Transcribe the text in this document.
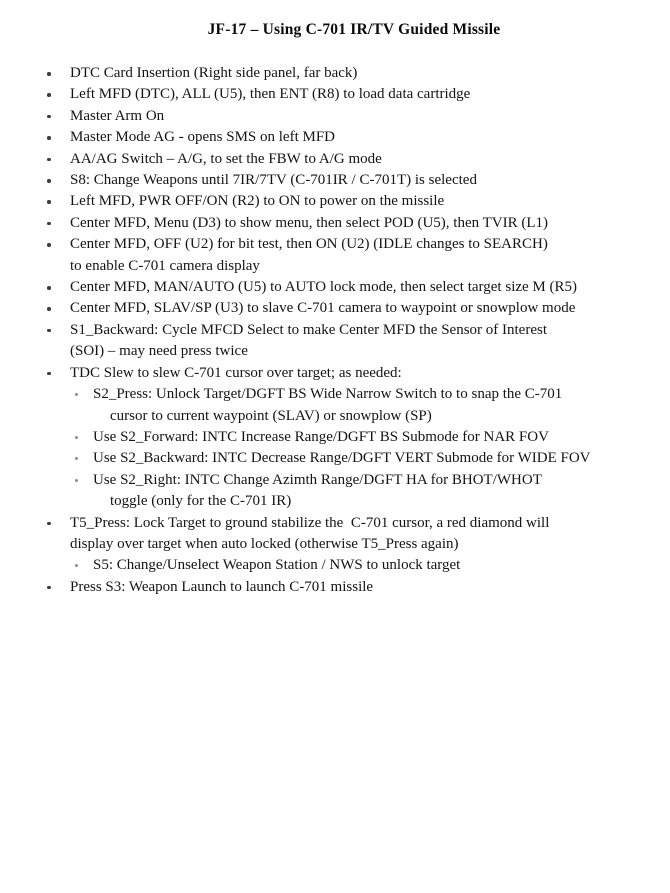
JF-17 – Using C-701 IR/TV Guided Missile
DTC Card Insertion (Right side panel, far back)
Left MFD (DTC), ALL (U5), then ENT (R8) to load data cartridge
Master Arm On
Master Mode AG - opens SMS on left MFD
AA/AG Switch – A/G, to set the FBW to A/G mode
S8: Change Weapons until 7IR/7TV (C-701IR / C-701T) is selected
Left MFD, PWR OFF/ON (R2) to ON to power on the missile
Center MFD, Menu (D3) to show menu, then select POD (U5), then TVIR (L1)
Center MFD, OFF (U2) for bit test, then ON (U2) (IDLE changes to SEARCH)
to enable C-701 camera display
Center MFD, MAN/AUTO (U5) to AUTO lock mode, then select target size M (R5)
Center MFD, SLAV/SP (U3) to slave C-701 camera to waypoint or snowplow mode
S1_Backward: Cycle MFCD Select to make Center MFD the Sensor of Interest
(SOI) – may need press twice
TDC Slew to slew C-701 cursor over target; as needed:
S2_Press: Unlock Target/DGFT BS Wide Narrow Switch to to snap the C-701
cursor to current waypoint (SLAV) or snowplow (SP)
Use S2_Forward: INTC Increase Range/DGFT BS Submode for NAR FOV
Use S2_Backward: INTC Decrease Range/DGFT VERT Submode for WIDE FOV
Use S2_Right: INTC Change Azimth Range/DGFT HA for BHOT/WHOT
toggle (only for the C-701 IR)
T5_Press: Lock Target to ground stabilize the  C-701 cursor, a red diamond will
display over target when auto locked (otherwise T5_Press again)
S5: Change/Unselect Weapon Station / NWS to unlock target
Press S3: Weapon Launch to launch C-701 missile
